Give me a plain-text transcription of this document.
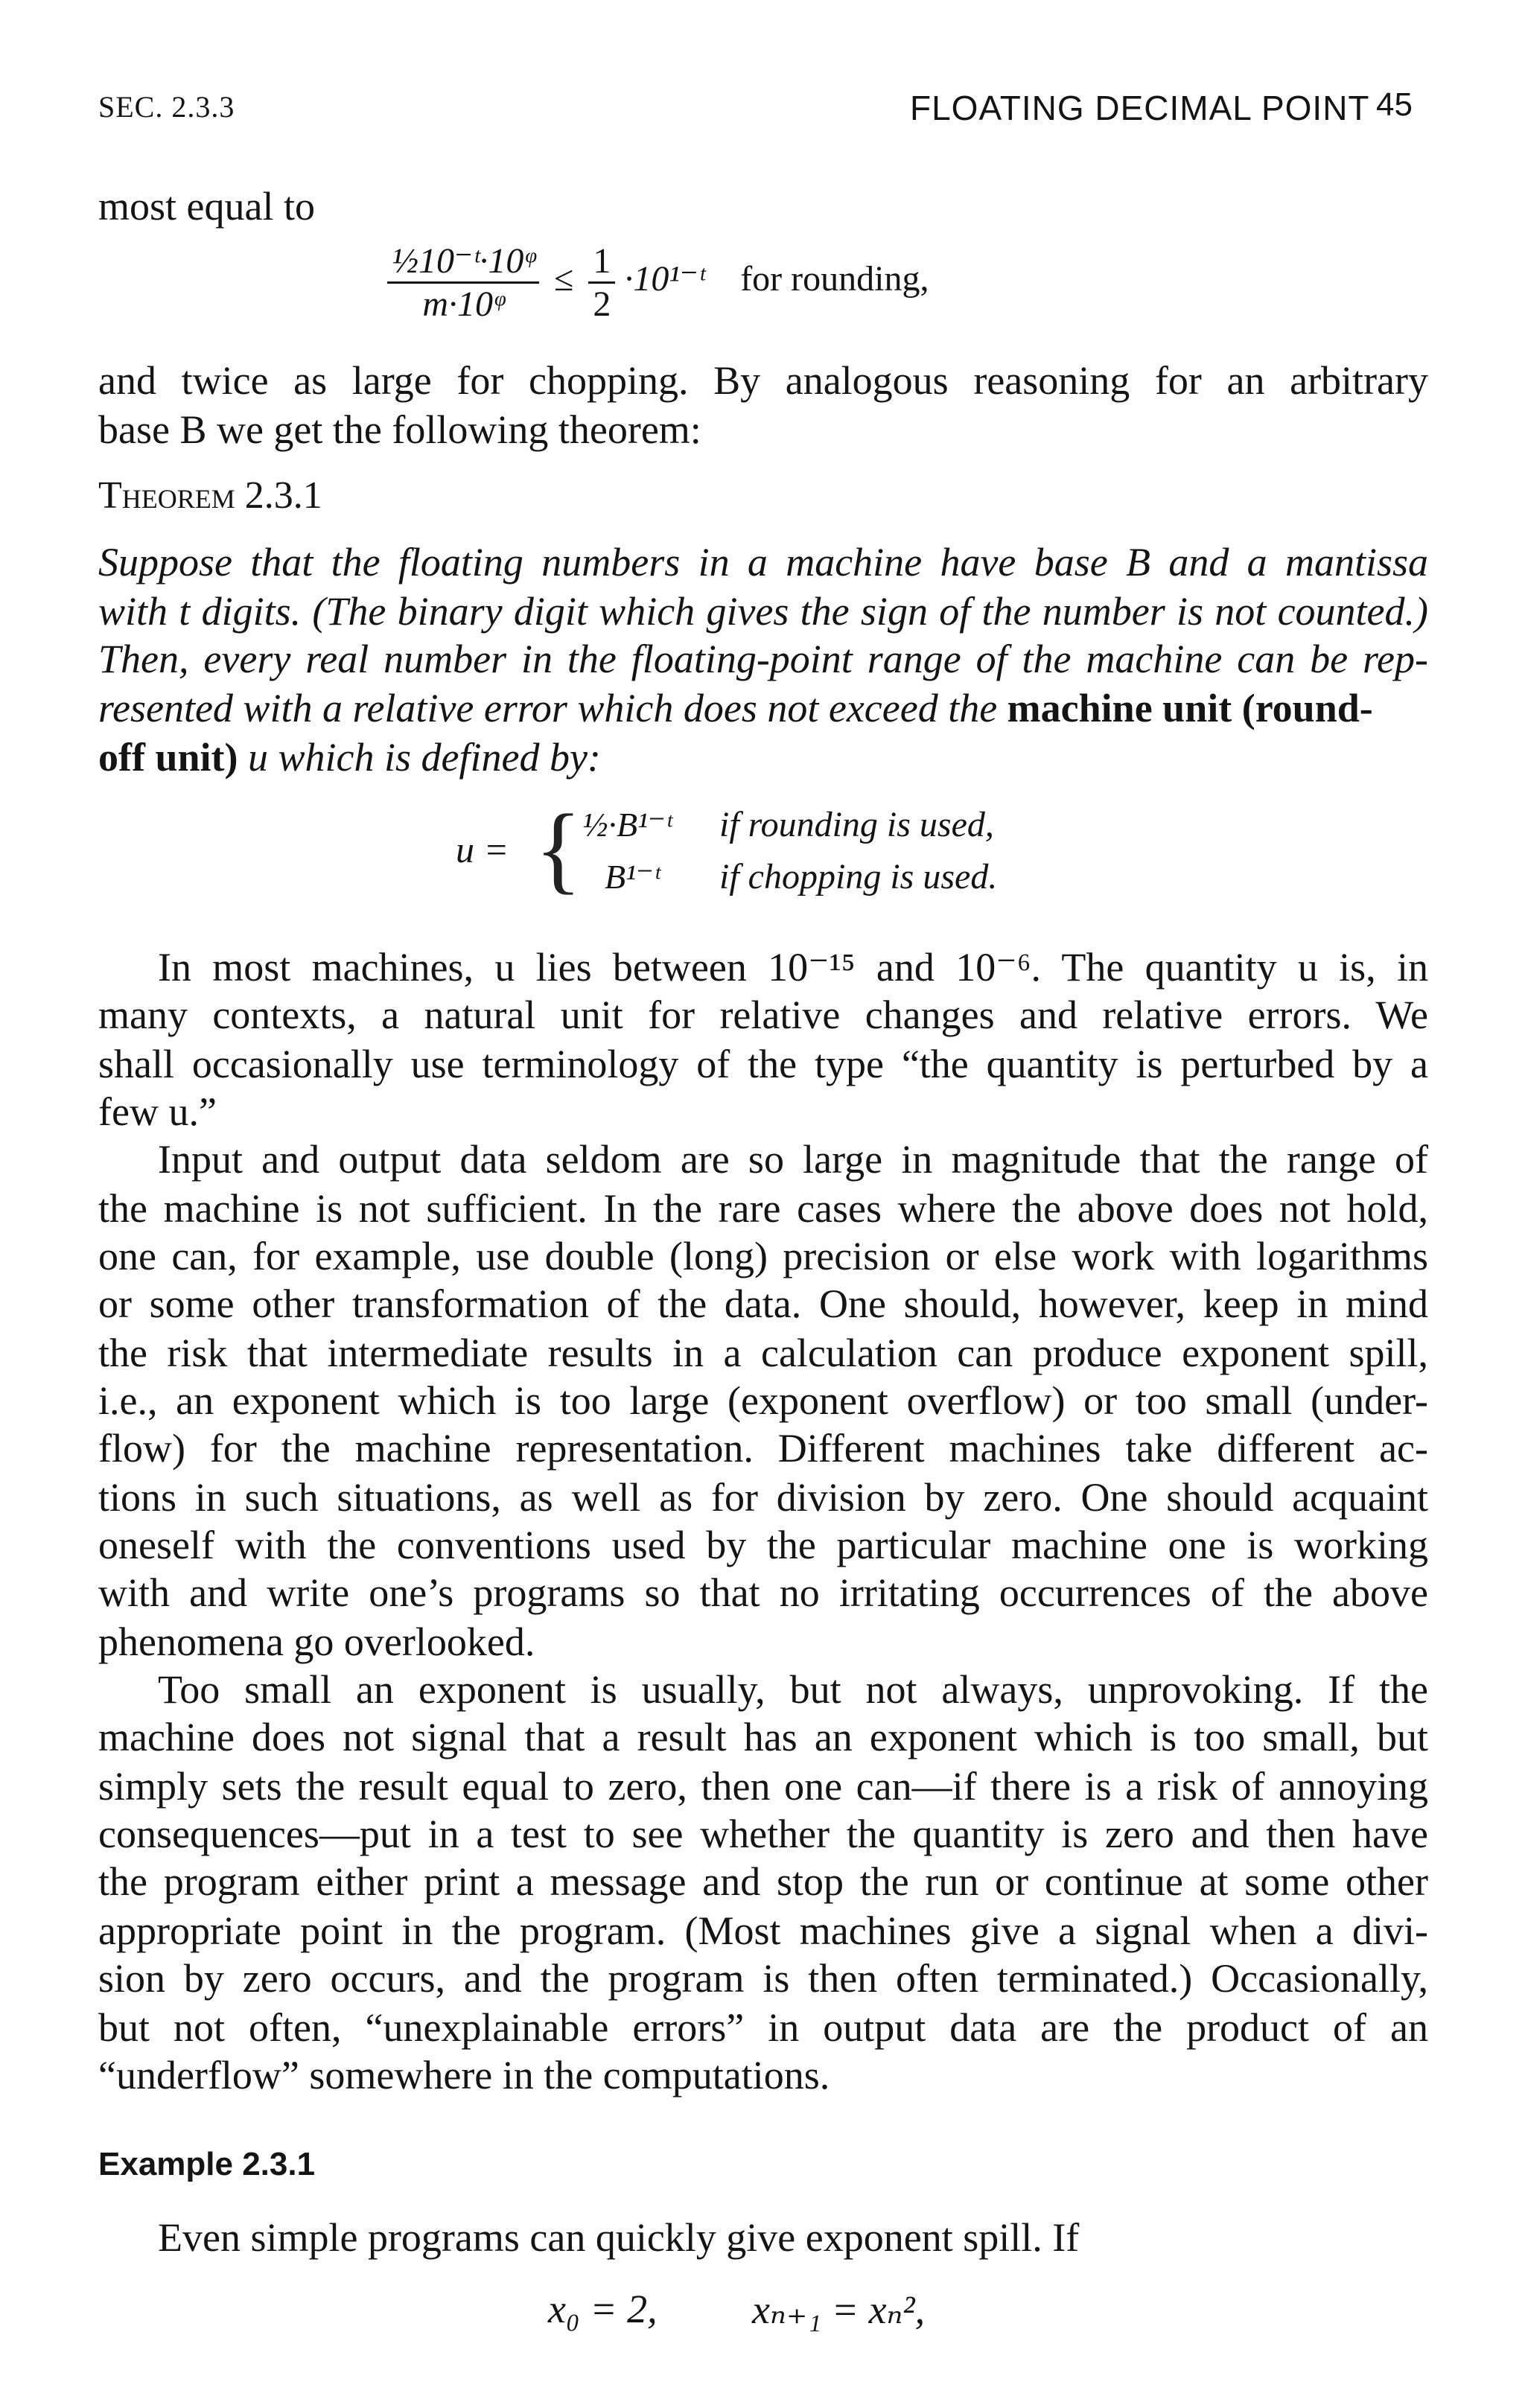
SEC. 2.3.3	FLOATING DECIMAL POINT 45
most equal to
$\frac{\text{½10⁻ᵗ·10ᵠ}}{\text{m·10ᵠ}} \le \frac{1}{2}$ ·10¹⁻ᵗ for rounding,
and twice as large for chopping. By analogous reasoning for an arbitrary
base B we get the following theorem:
Theorem 2.3.1
Suppose that the floating numbers in a machine have base B and a mantissa
with t digits. (The binary digit which gives the sign of the number is not counted.)
Then, every real number in the floating-point range of the machine can be rep-
resented with a relative error which does not exceed the machine unit (round-
off unit) u which is defined by:
u = { ½·B¹⁻ᵗ if rounding is used,
B¹⁻ᵗ if chopping is used.
In most machines, u lies between 10⁻¹⁵ and 10⁻⁶. The quantity u is, in
many contexts, a natural unit for relative changes and relative errors. We
shall occasionally use terminology of the type “the quantity is perturbed by a
few u.”
Input and output data seldom are so large in magnitude that the range of
the machine is not sufficient. In the rare cases where the above does not hold,
one can, for example, use double (long) precision or else work with logarithms
or some other transformation of the data. One should, however, keep in mind
the risk that intermediate results in a calculation can produce exponent spill,
i.e., an exponent which is too large (exponent overflow) or too small (under-
flow) for the machine representation. Different machines take different ac-
tions in such situations, as well as for division by zero. One should acquaint
oneself with the conventions used by the particular machine one is working
with and write one’s programs so that no irritating occurrences of the above
phenomena go overlooked.
Too small an exponent is usually, but not always, unprovoking. If the
machine does not signal that a result has an exponent which is too small, but
simply sets the result equal to zero, then one can—if there is a risk of annoying
consequences—put in a test to see whether the quantity is zero and then have
the program either print a message and stop the run or continue at some other
appropriate point in the program. (Most machines give a signal when a divi-
sion by zero occurs, and the program is then often terminated.) Occasionally,
but not often, “unexplainable errors” in output data are the product of an
“underflow” somewhere in the computations.
Example 2.3.1
Even simple programs can quickly give exponent spill. If
x₀ = 2, xₙ₊₁ = xₙ²,
